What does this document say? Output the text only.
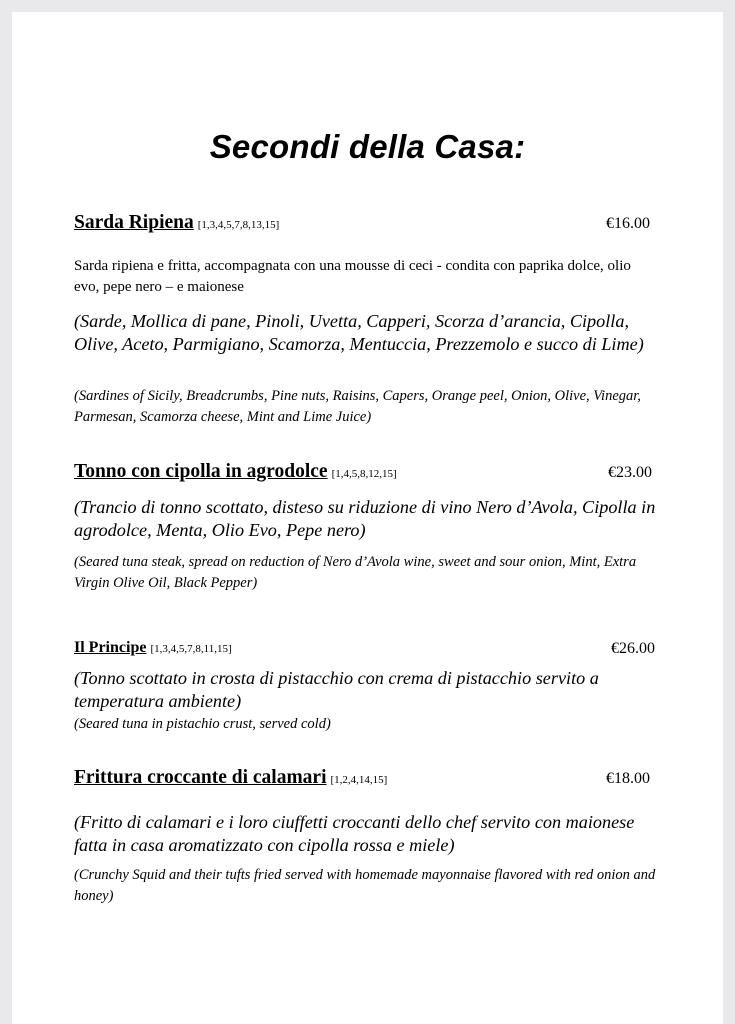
Secondi della Casa:
Sarda Ripiena [1,3,4,5,7,8,13,15]	€16.00
Sarda ripiena e fritta, accompagnata con una mousse di ceci - condita con paprika dolce, olio evo, pepe nero – e maionese
(Sarde, Mollica di pane, Pinoli, Uvetta, Capperi, Scorza d’arancia, Cipolla, Olive, Aceto, Parmigiano, Scamorza, Mentuccia, Prezzemolo e succo di Lime)
(Sardines of Sicily, Breadcrumbs, Pine nuts, Raisins, Capers, Orange peel, Onion, Olive, Vinegar, Parmesan, Scamorza cheese, Mint and Lime Juice)
Tonno con cipolla in agrodolce [1,4,5,8,12,15]	€23.00
(Trancio di tonno scottato, disteso su riduzione di vino Nero d’Avola, Cipolla in agrodolce, Menta, Olio Evo, Pepe nero)
(Seared tuna steak, spread on reduction of Nero d’Avola wine, sweet and sour onion, Mint, Extra Virgin Olive Oil, Black Pepper)
Il Principe [1,3,4,5,7,8,11,15]	€26.00
(Tonno scottato in crosta di pistacchio con crema di pistacchio servito a temperatura ambiente)
(Seared tuna in pistachio crust, served cold)
Frittura croccante di calamari [1,2,4,14,15]	€18.00
(Fritto di calamari e i loro ciuffetti croccanti dello chef servito con maionese fatta in casa aromatizzato con cipolla rossa e miele)
(Crunchy Squid and their tufts fried served with homemade mayonnaise flavored with red onion and honey)
